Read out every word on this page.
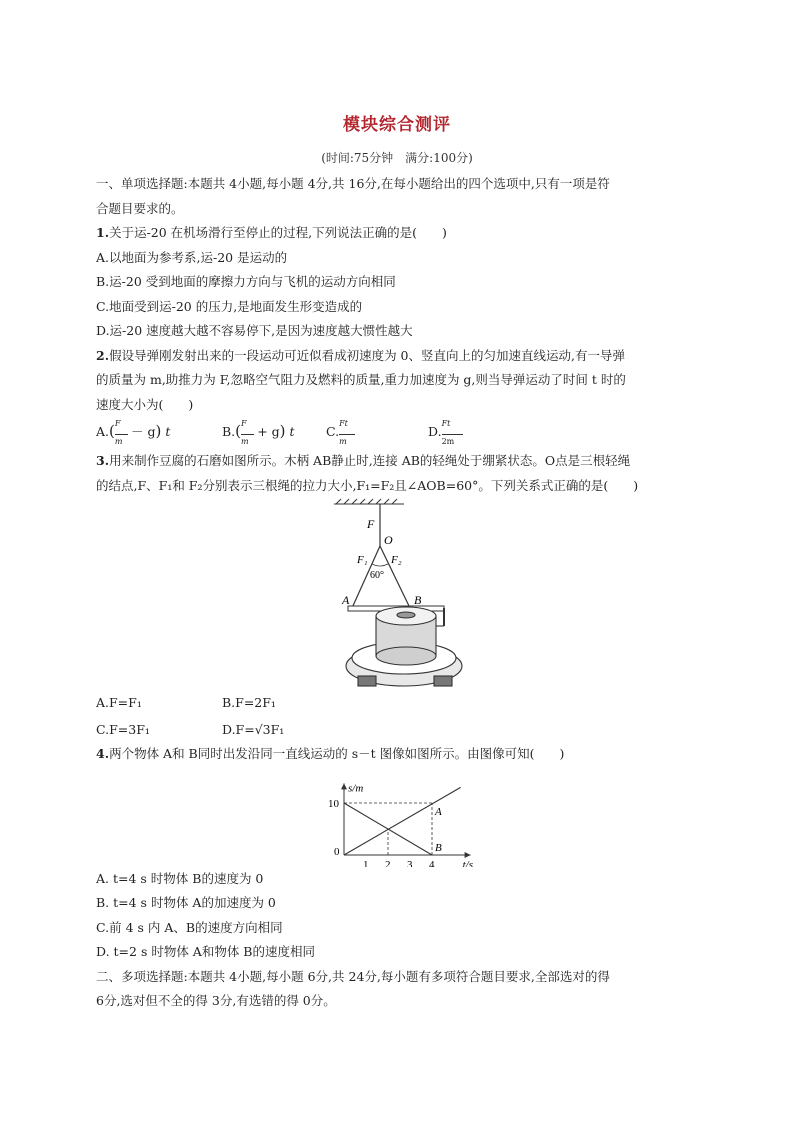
模块综合测评
(时间:75分钟　满分:100分)

一、单项选择题:本题共 4小题,每小题 4分,共 16分,在每小题给出的四个选项中,只有一项是符

合题目要求的。

1.关于运-20 在机场滑行至停止的过程,下列说法正确的是(　　)

A.以地面为参考系,运-20 是运动的

B.运-20 受到地面的摩擦力方向与飞机的运动方向相同

C.地面受到运-20 的压力,是地面发生形变造成的

D.运-20 速度越大越不容易停下,是因为速度越大惯性越大

2.假设导弹刚发射出来的一段运动可近似看成初速度为 0、竖直向上的匀加速直线运动,有一导弹

的质量为 m,助推力为 F,忽略空气阻力及燃料的质量,重力加速度为 g,则当导弹运动了时间 t 时的

速度大小为(　　)

$A.(\frac{F}{m} - g)$ t	$B.(\frac{F}{m} + g)$ t	$C.\frac{Ft}{m}$	$D.\frac{Ft}{2m}$

3.用来制作豆腐的石磨如图所示。木柄 AB静止时,连接 AB的轻绳处于绷紧状态。O点是三根轻绳

的结点,F、F₁和 F₂分别表示三根绳的拉力大小,F₁=F₂且∠AOB=60°。下列关系式正确的是(　　)

F
O
F₁ F₂
60°
A	B
A.F=F₁	B.F=2F₁
C.F=3F₁	D.F=√3F₁

4.两个物体 A和 B同时出发沿同一直线运动的 s－t 图像如图所示。由图像可知(　　)

A
B
1 2 3 4
0
10
t/s
s/m

A. t=4 s 时物体 B的速度为 0

B. t=4 s 时物体 A的加速度为 0

C.前 4 s 内 A、B的速度方向相同

D. t=2 s 时物体 A和物体 B的速度相同

二、多项选择题:本题共 4小题,每小题 6分,共 24分,每小题有多项符合题目要求,全部选对的得

6分,选对但不全的得 3分,有选错的得 0分。
